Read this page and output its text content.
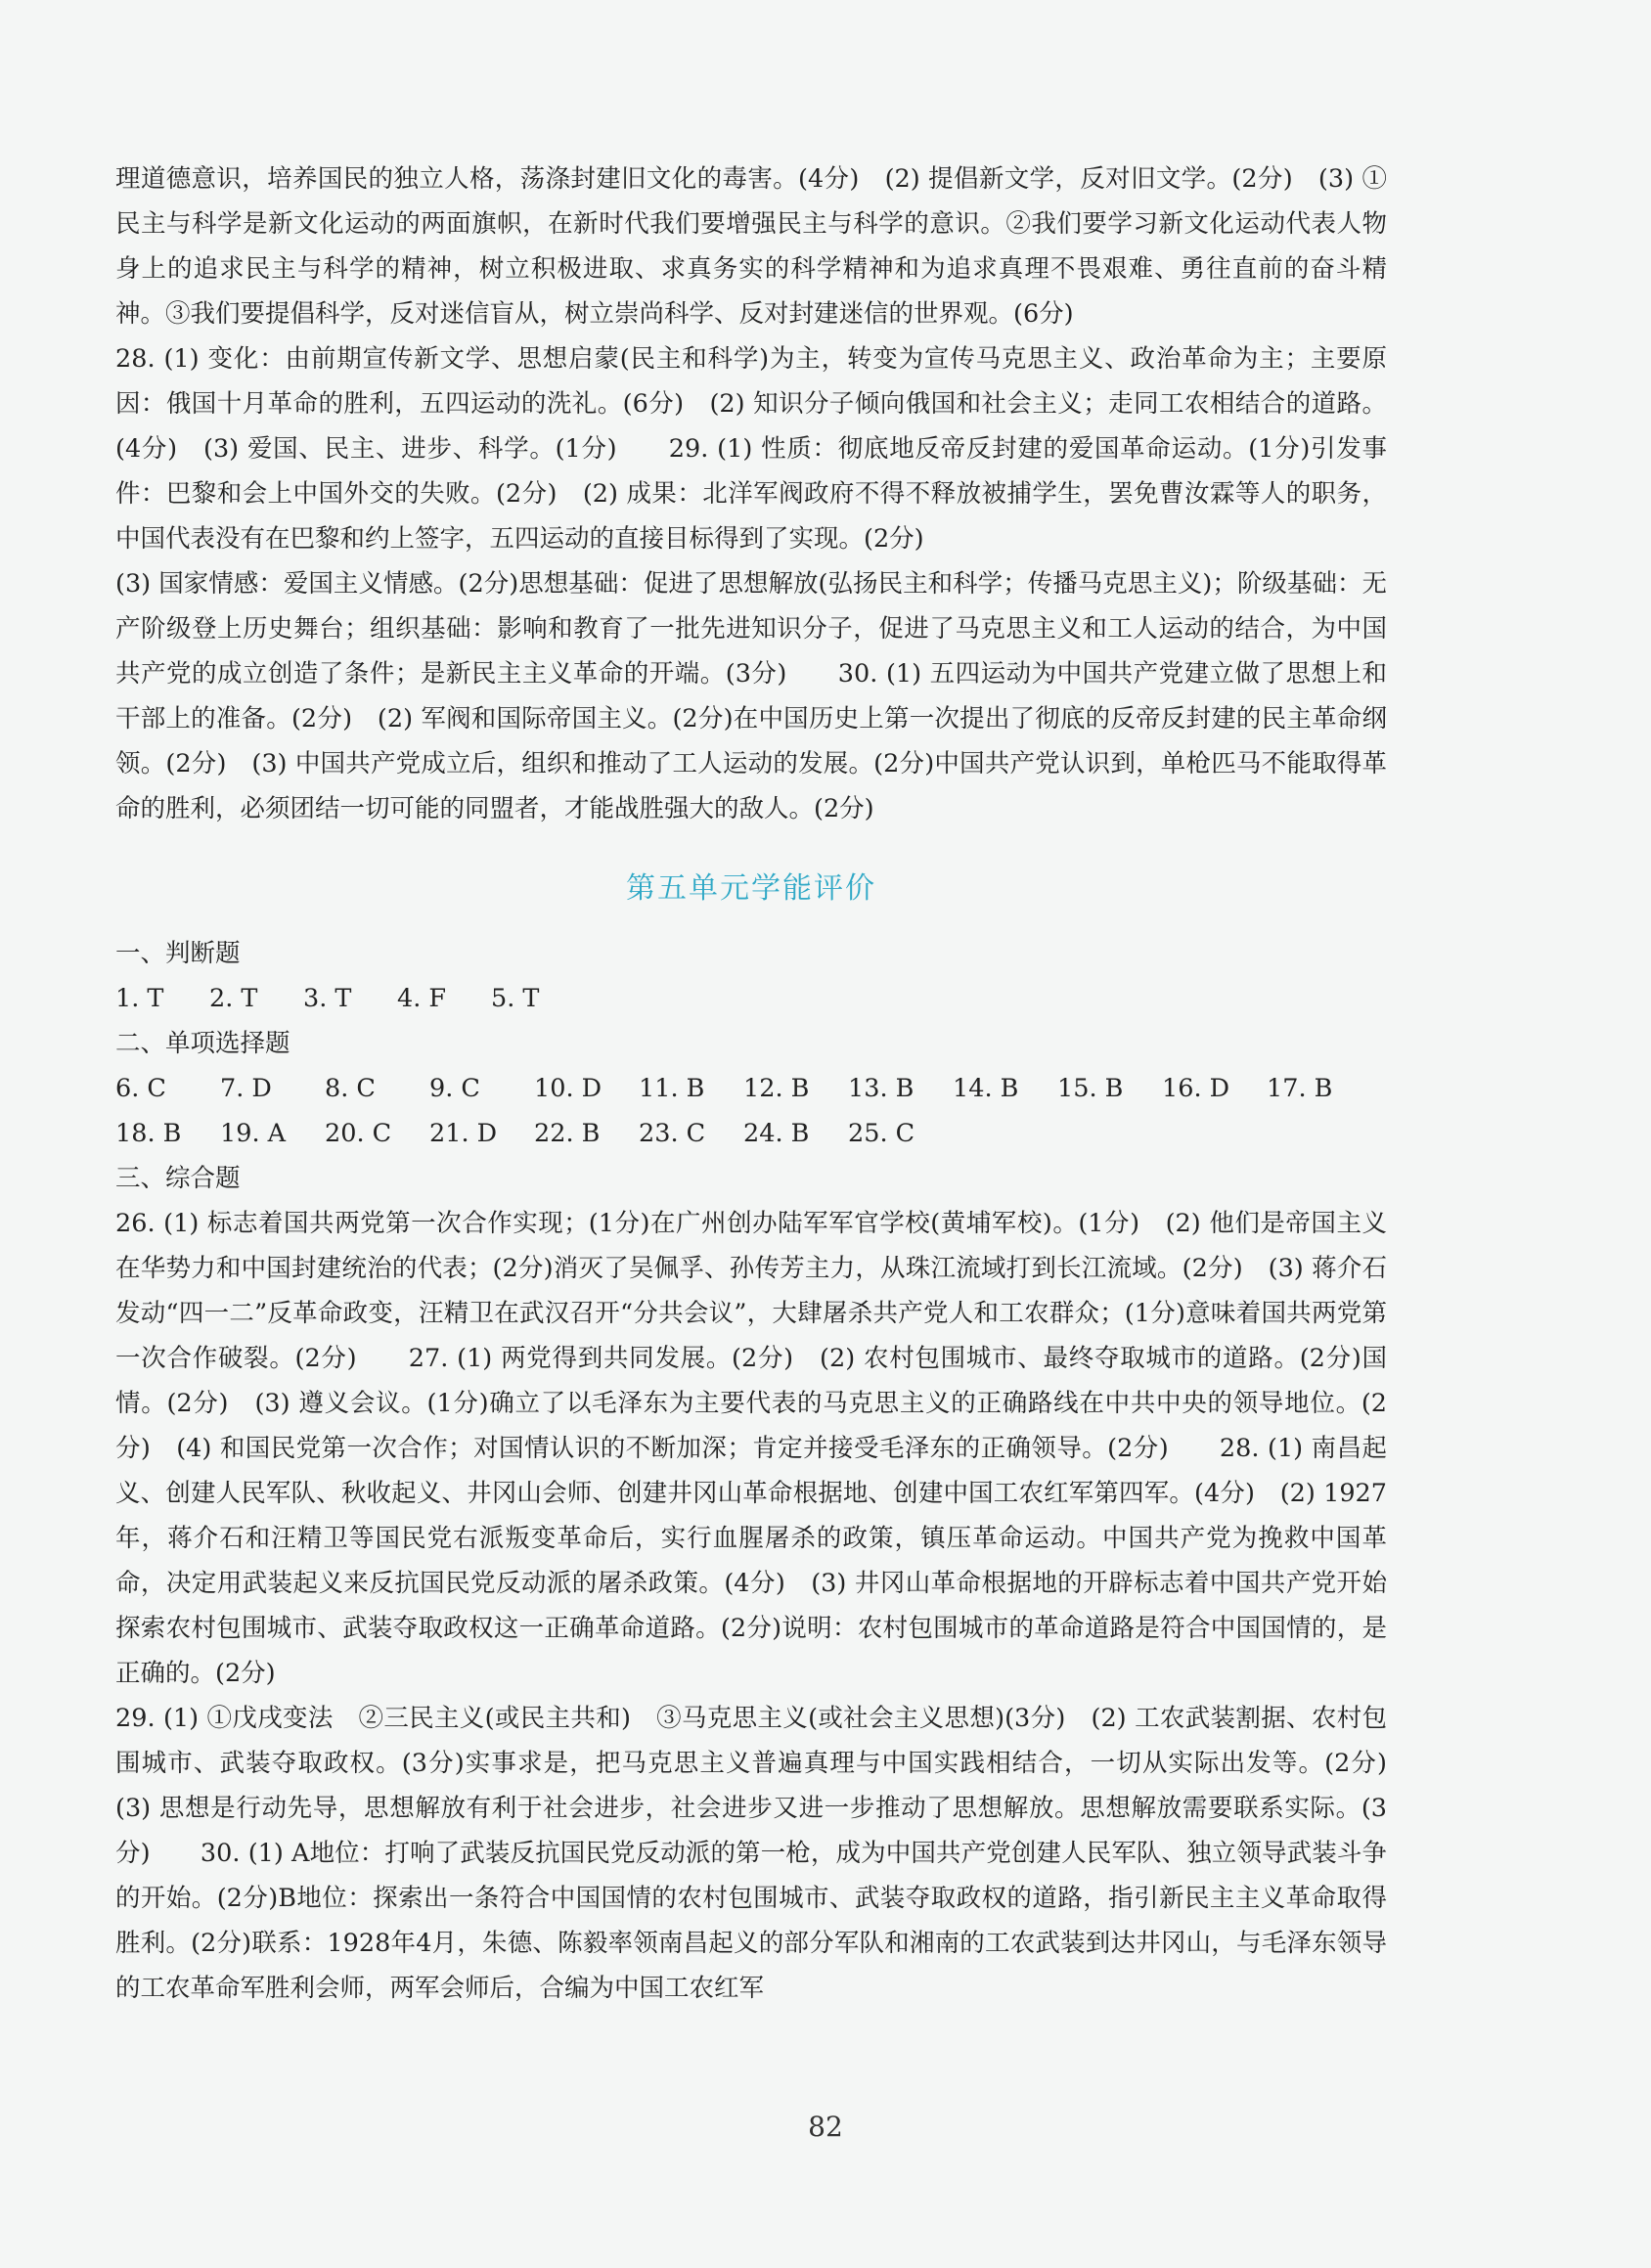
理道德意识，培养国民的独立人格，荡涤封建旧文化的毒害。(4分)　(2) 提倡新文学，反对旧文学。(2分)　(3) ①民主与科学是新文化运动的两面旗帜，在新时代我们要增强民主与科学的意识。②我们要学习新文化运动代表人物身上的追求民主与科学的精神，树立积极进取、求真务实的科学精神和为追求真理不畏艰难、勇往直前的奋斗精神。③我们要提倡科学，反对迷信盲从，树立崇尚科学、反对封建迷信的世界观。(6分)

28. (1) 变化：由前期宣传新文学、思想启蒙(民主和科学)为主，转变为宣传马克思主义、政治革命为主；主要原因：俄国十月革命的胜利，五四运动的洗礼。(6分)　(2) 知识分子倾向俄国和社会主义；走同工农相结合的道路。(4分)　(3) 爱国、民主、进步、科学。(1分)　　29. (1) 性质：彻底地反帝反封建的爱国革命运动。(1分)引发事件：巴黎和会上中国外交的失败。(2分)　(2) 成果：北洋军阀政府不得不释放被捕学生，罢免曹汝霖等人的职务，中国代表没有在巴黎和约上签字，五四运动的直接目标得到了实现。(2分)

(3) 国家情感：爱国主义情感。(2分)思想基础：促进了思想解放(弘扬民主和科学；传播马克思主义)；阶级基础：无产阶级登上历史舞台；组织基础：影响和教育了一批先进知识分子，促进了马克思主义和工人运动的结合，为中国共产党的成立创造了条件；是新民主主义革命的开端。(3分)　　30. (1) 五四运动为中国共产党建立做了思想上和干部上的准备。(2分)　(2) 军阀和国际帝国主义。(2分)在中国历史上第一次提出了彻底的反帝反封建的民主革命纲领。(2分)　(3) 中国共产党成立后，组织和推动了工人运动的发展。(2分)中国共产党认识到，单枪匹马不能取得革命的胜利，必须团结一切可能的同盟者，才能战胜强大的敌人。(2分)

第五单元学能评价

一、判断题

1. T	2. T	3. T	4. F	5. T

二、单项选择题

6. C	7. D	8. C	9. C	10. D	11. B	12. B	13. B	14. B	15. B	16. D	17. B
18. B	19. A	20. C	21. D	22. B	23. C	24. B	25. C

三、综合题

26. (1) 标志着国共两党第一次合作实现；(1分)在广州创办陆军军官学校(黄埔军校)。(1分)　(2) 他们是帝国主义在华势力和中国封建统治的代表；(2分)消灭了吴佩孚、孙传芳主力，从珠江流域打到长江流域。(2分)　(3) 蒋介石发动“四一二”反革命政变，汪精卫在武汉召开“分共会议”，大肆屠杀共产党人和工农群众；(1分)意味着国共两党第一次合作破裂。(2分)　　27. (1) 两党得到共同发展。(2分)　(2) 农村包围城市、最终夺取城市的道路。(2分)国情。(2分)　(3) 遵义会议。(1分)确立了以毛泽东为主要代表的马克思主义的正确路线在中共中央的领导地位。(2分)　(4) 和国民党第一次合作；对国情认识的不断加深；肯定并接受毛泽东的正确领导。(2分)　　28. (1) 南昌起义、创建人民军队、秋收起义、井冈山会师、创建井冈山革命根据地、创建中国工农红军第四军。(4分)　(2) 1927年，蒋介石和汪精卫等国民党右派叛变革命后，实行血腥屠杀的政策，镇压革命运动。中国共产党为挽救中国革命，决定用武装起义来反抗国民党反动派的屠杀政策。(4分)　(3) 井冈山革命根据地的开辟标志着中国共产党开始探索农村包围城市、武装夺取政权这一正确革命道路。(2分)说明：农村包围城市的革命道路是符合中国国情的，是正确的。(2分)

29. (1) ①戊戌变法　②三民主义(或民主共和)　③马克思主义(或社会主义思想)(3分)　(2) 工农武装割据、农村包围城市、武装夺取政权。(3分)实事求是，把马克思主义普遍真理与中国实践相结合，一切从实际出发等。(2分)　(3) 思想是行动先导，思想解放有利于社会进步，社会进步又进一步推动了思想解放。思想解放需要联系实际。(3分)　　30. (1) A地位：打响了武装反抗国民党反动派的第一枪，成为中国共产党创建人民军队、独立领导武装斗争的开始。(2分)B地位：探索出一条符合中国国情的农村包围城市、武装夺取政权的道路，指引新民主主义革命取得胜利。(2分)联系：1928年4月，朱德、陈毅率领南昌起义的部分军队和湘南的工农武装到达井冈山，与毛泽东领导的工农革命军胜利会师，两军会师后，合编为中国工农红军

82
